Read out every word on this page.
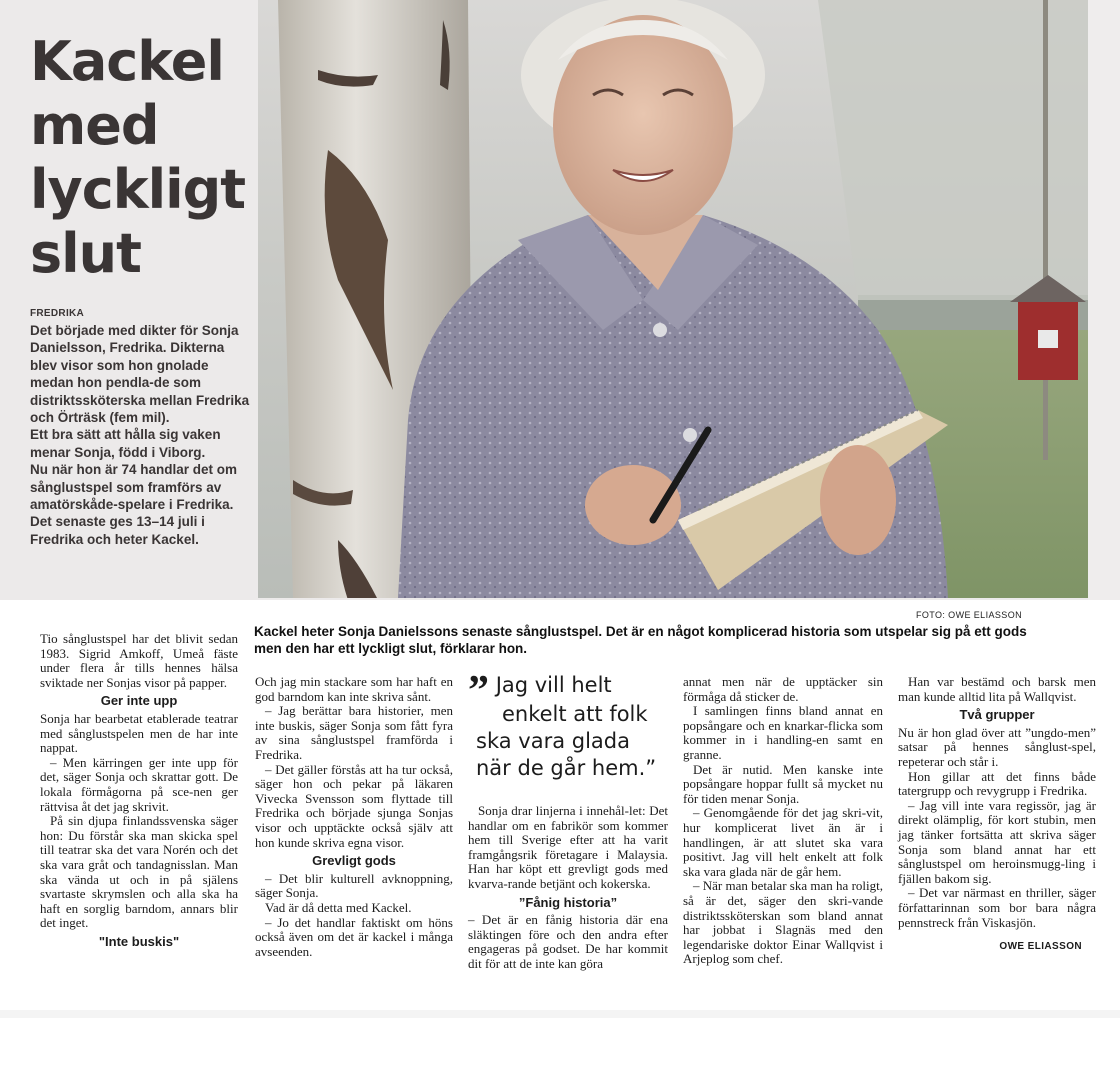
Kackel
med
lyckligt
slut
FREDRIKA

Det började med dikter för Sonja Danielsson, Fredrika. Dikterna blev visor som hon gnolade medan hon pendla-de som distriktssköterska mellan Fredrika och Örträsk (fem mil).

Ett bra sätt att hålla sig vaken menar Sonja, född i Viborg.

Nu när hon är 74 handlar det om sånglustspel som framförs av amatörskåde-spelare i Fredrika.

Det senaste ges 13–14 juli i Fredrika och heter Kackel.

FOTO: OWE ELIASSON
Kackel heter Sonja Danielssons senaste sånglustspel. Det är en något komplicerad historia som utspelar sig på ett gods men den har ett lyckligt slut, förklarar hon.

Tio sånglustspel har det blivit sedan 1983. Sigrid Amkoff, Umeå fäste under flera år tills hennes hälsa sviktade ner Sonjas visor på papper.

Ger inte upp

Sonja har bearbetat etablerade teatrar med sånglustspelen men de har inte nappat.

– Men kärringen ger inte upp för det, säger Sonja och skrattar gott. De lokala förmågorna på sce-nen ger rättvisa åt det jag skrivit.

På sin djupa finlandssvenska säger hon: Du förstår ska man skicka spel till teatrar ska det vara Norén och det ska vara gråt och tandagnisslan. Man ska vända ut och in på själens svartaste skrymslen och alla ska ha haft en sorglig barndom, annars blir det inget.

"Inte buskis"

Och jag min stackare som har haft en god barndom kan inte skriva sånt.

– Jag berättar bara historier, men inte buskis, säger Sonja som fått fyra av sina sånglustspel framförda i Fredrika.

– Det gäller förstås att ha tur också, säger hon och pekar på läkaren Vivecka Svensson som flyttade till Fredrika och började sjunga Sonjas visor och upptäckte också själv att hon kunde skriva egna visor.

Grevligt gods

– Det blir kulturell avknoppning, säger Sonja.

Vad är då detta med Kackel.

– Jo det handlar faktiskt om höns också även om det är kackel i många avseenden.

” Jag vill helt
enkelt att folk
ska vara glada
när de går hem.”

Sonja drar linjerna i innehål-let: Det handlar om en fabrikör som kommer hem till Sverige efter att ha varit framgångsrik företagare i Malaysia. Han har köpt ett grevligt gods med kvarva-rande betjänt och kokerska.

”Fånig historia”

– Det är en fånig historia där ena släktingen före och den andra efter engageras på godset. De har kommit dit för att de inte kan göra

annat men när de upptäcker sin förmåga då sticker de.

I samlingen finns bland annat en popsångare och en knarkar-flicka som kommer in i handling-en samt en granne.

Det är nutid. Men kanske inte popsångare hoppar fullt så mycket nu för tiden menar Sonja.

– Genomgående för det jag skri-vit, hur komplicerat livet än är i handlingen, är att slutet ska vara positivt. Jag vill helt enkelt att folk ska vara glada när de går hem.

– När man betalar ska man ha roligt, så är det, säger den skri-vande distriktssköterskan som bland annat har jobbat i Slagnäs med den legendariske doktor Einar Wallqvist i Arjeplog som chef.

Han var bestämd och barsk men man kunde alltid lita på Wallqvist.

Två grupper

Nu är hon glad över att ”ungdo-men” satsar på hennes sånglust-spel, repeterar och står i.

Hon gillar att det finns både tatergrupp och revygrupp i Fredrika.

– Jag vill inte vara regissör, jag är direkt olämplig, för kort stubin, men jag tänker fortsätta att skriva säger Sonja som bland annat har ett sånglustspel om heroinsmugg-ling i fjällen bakom sig.

– Det var närmast en thriller, säger författarinnan som bor bara några pennstreck från Viskasjön.

OWE ELIASSON
